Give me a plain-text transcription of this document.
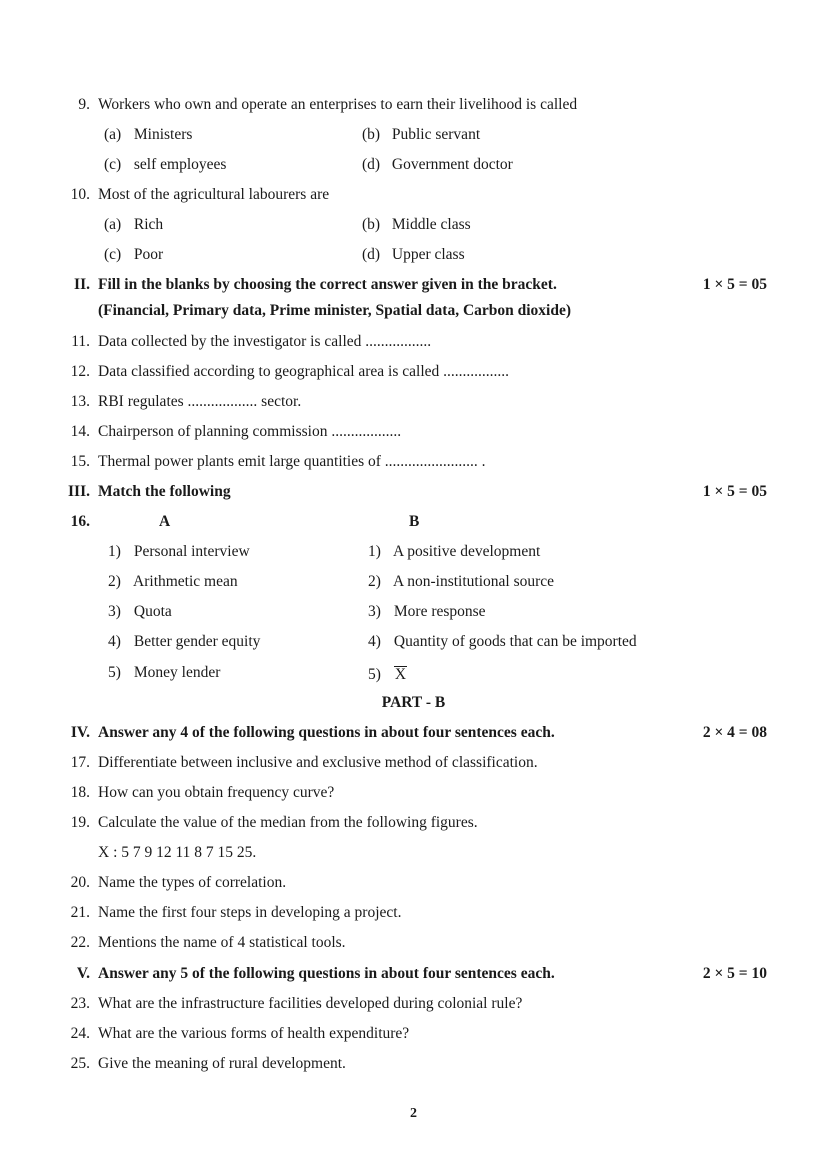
9. Workers who own and operate an enterprises to earn their livelihood is called
(a) Ministers	(b) Public servant
(c) self employees	(d) Government doctor
10. Most of the agricultural labourers are
(a) Rich	(b) Middle class
(c) Poor	(d) Upper class
II. Fill in the blanks by choosing the correct answer given in the bracket.	1 × 5 = 05
(Financial, Primary data, Prime minister, Spatial data, Carbon dioxide)
11. Data collected by the investigator is called .................
12. Data classified according to geographical area is called .................
13. RBI regulates .................. sector.
14. Chairperson of planning commission ..................
15. Thermal power plants emit large quantities of ........................ .
III. Match the following	1 × 5 = 05
16.	A	B
1) Personal interview	1) A positive development
2) Arithmetic mean	2) A non-institutional source
3) Quota	3) More response
4) Better gender equity	4) Quantity of goods that can be imported
5) Money lender	5) X
PART - B
IV. Answer any 4 of the following questions in about four sentences each.	2 × 4 = 08
17. Differentiate between inclusive and exclusive method of classification.
18. How can you obtain frequency curve?
19. Calculate the value of the median from the following figures.
X : 5 7 9 12 11 8 7 15 25.
20. Name the types of correlation.
21. Name the first four steps in developing a project.
22. Mentions the name of 4 statistical tools.
V. Answer any 5 of the following questions in about four sentences each.	2 × 5 = 10
23. What are the infrastructure facilities developed during colonial rule?
24. What are the various forms of health expenditure?
25. Give the meaning of rural development.
2
